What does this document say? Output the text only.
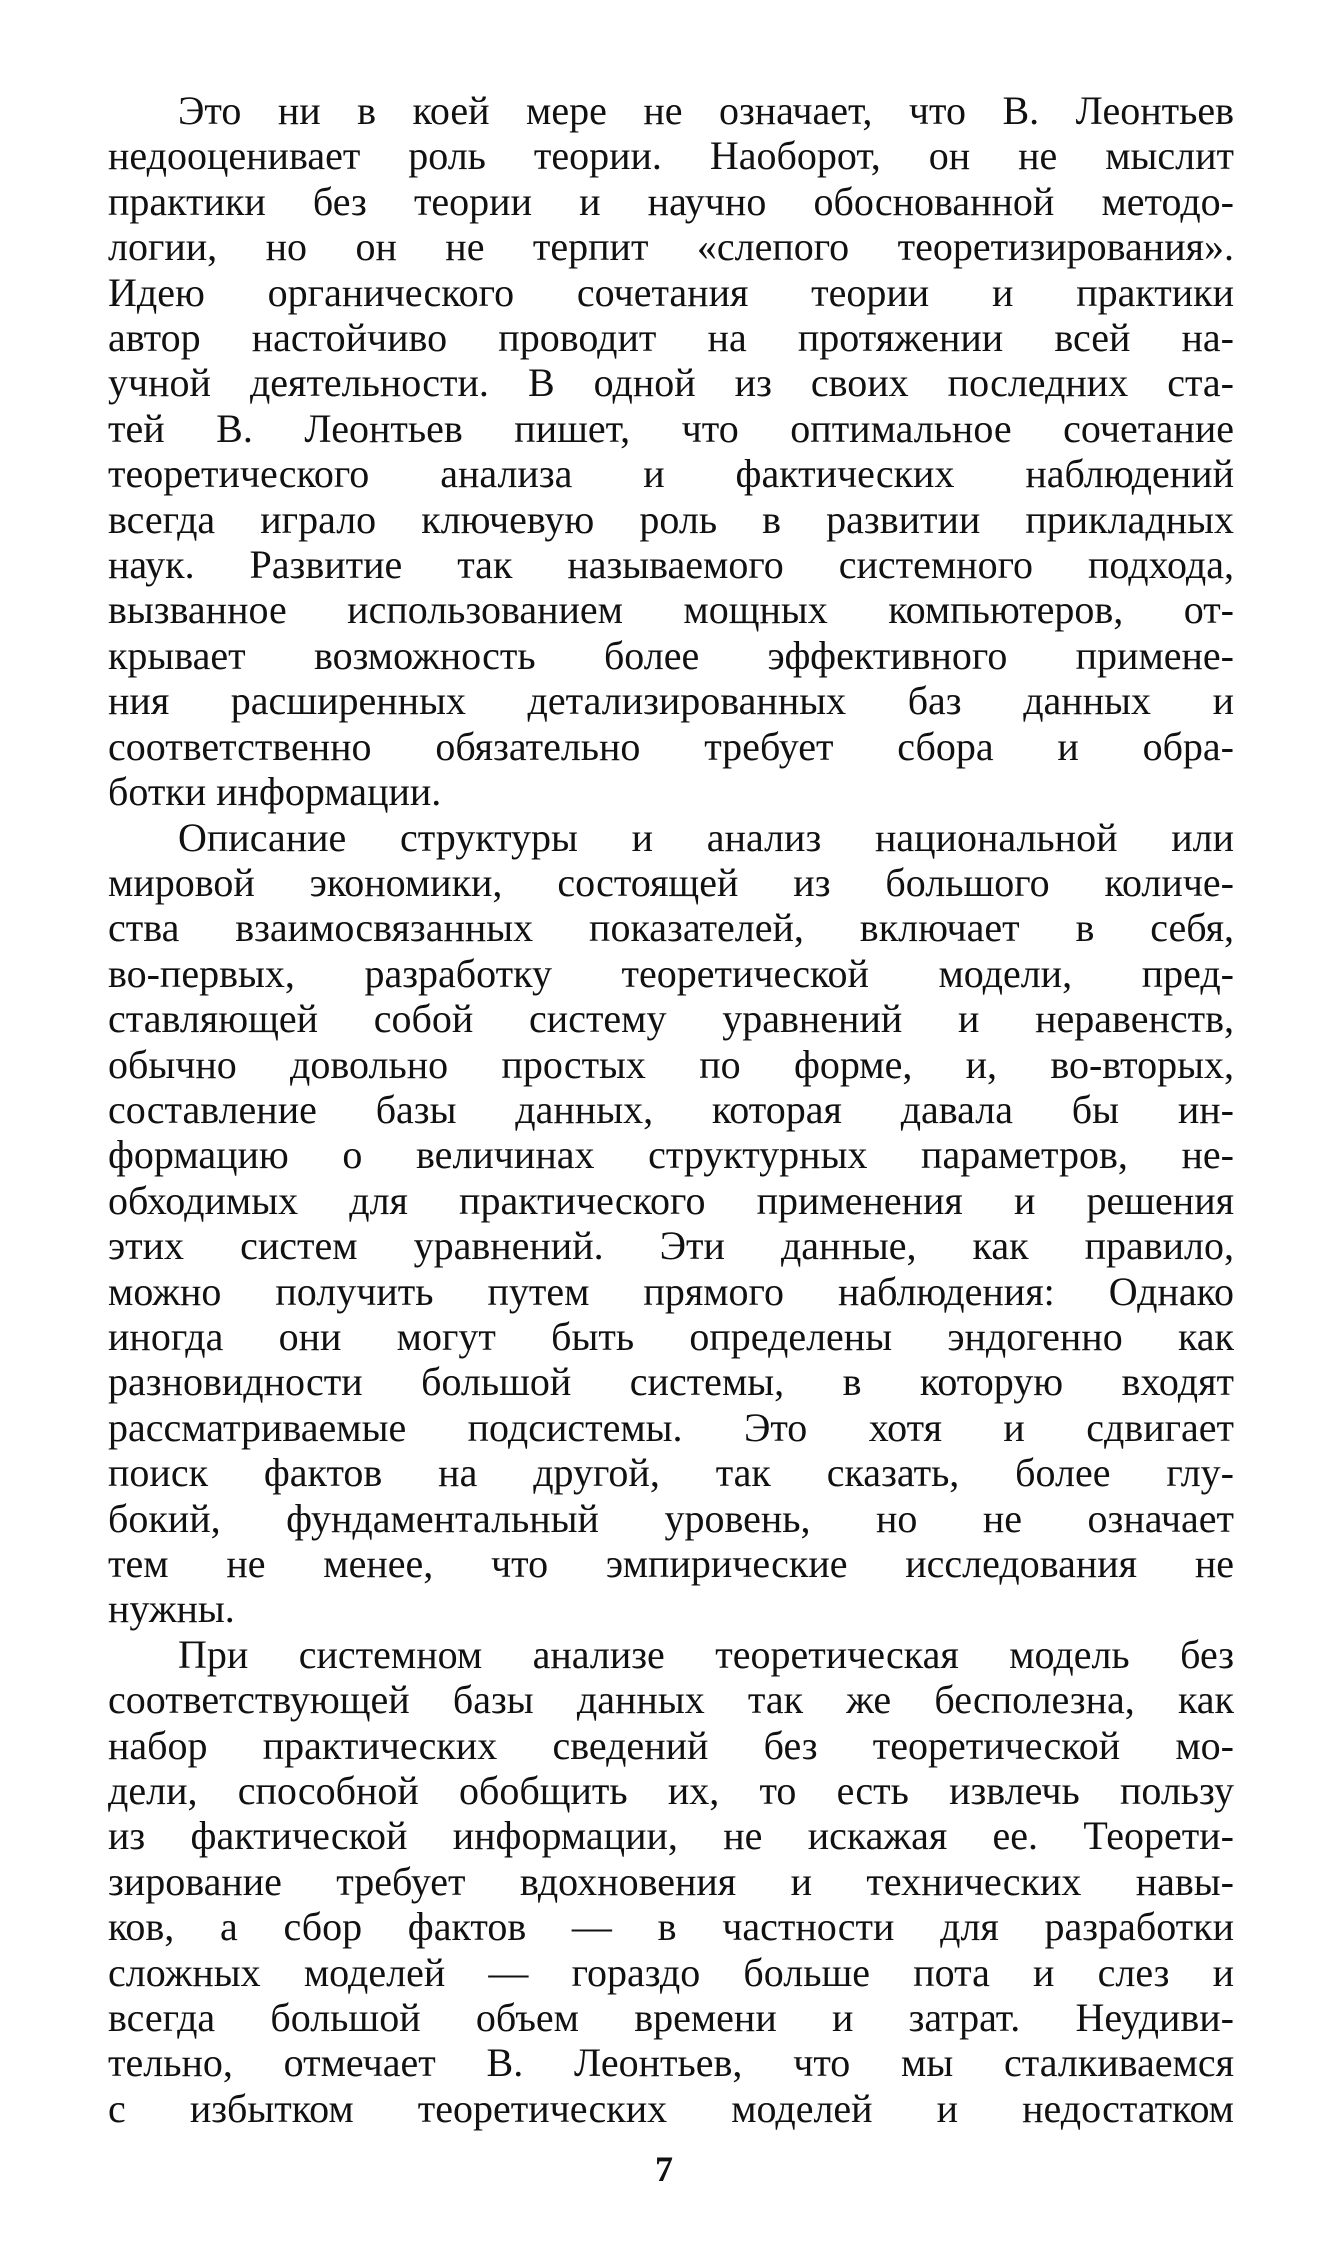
Это ни в коей мере не означает, что В. Леонтьев
недооценивает роль теории. Наоборот, он не мыслит
практики без теории и научно обоснованной методо-
логии, но он не терпит «слепого теоретизирования».
Идею органического сочетания теории и практики
автор настойчиво проводит на протяжении всей на-
учной деятельности. В одной из своих последних ста-
тей В. Леонтьев пишет, что оптимальное сочетание
теоретического анализа и фактических наблюдений
всегда играло ключевую роль в развитии прикладных
наук. Развитие так называемого системного подхода,
вызванное использованием мощных компьютеров, от-
крывает возможность более эффективного примене-
ния расширенных детализированных баз данных и
соответственно обязательно требует сбора и обра-
ботки информации.

Описание структуры и анализ национальной или
мировой экономики, состоящей из большого количе-
ства взаимосвязанных показателей, включает в себя,
во-первых, разработку теоретической модели, пред-
ставляющей собой систему уравнений и неравенств,
обычно довольно простых по форме, и, во-вторых,
составление базы данных, которая давала бы ин-
формацию о величинах структурных параметров, не-
обходимых для практического применения и решения
этих систем уравнений. Эти данные, как правило,
можно получить путем прямого наблюдения: Однако
иногда они могут быть определены эндогенно как
разновидности большой системы, в которую входят
рассматриваемые подсистемы. Это хотя и сдвигает
поиск фактов на другой, так сказать, более глу-
бокий, фундаментальный уровень, но не означает
тем не менее, что эмпирические исследования не
нужны.

При системном анализе теоретическая модель без
соответствующей базы данных так же бесполезна, как
набор практических сведений без теоретической мо-
дели, способной обобщить их, то есть извлечь пользу
из фактической информации, не искажая ее. Теорети-
зирование требует вдохновения и технических навы-
ков, а сбор фактов — в частности для разработки
сложных моделей — гораздо больше пота и слез и
всегда большой объем времени и затрат. Неудиви-
тельно, отмечает В. Леонтьев, что мы сталкиваемся
с избытком теоретических моделей и недостатком

7
